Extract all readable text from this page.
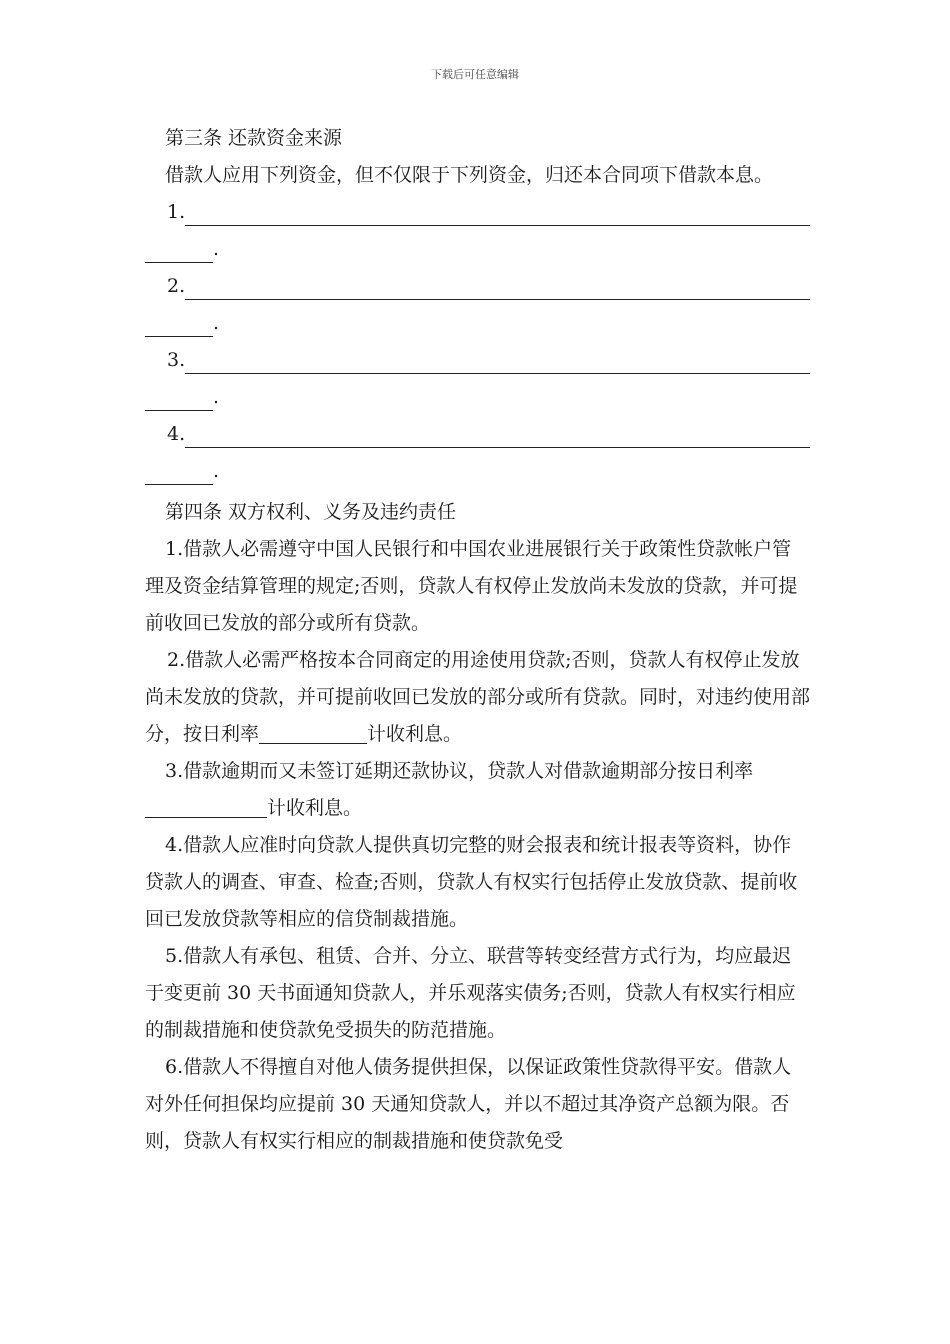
下载后可任意编辑

第三条 还款资金来源

借款人应用下列资金，但不仅限于下列资金，归还本合同项下借款本息。

1.
.
2.
.
3.
.
4.
.

第四条 双方权利、义务及违约责任

1.借款人必需遵守中国人民银行和中国农业进展银行关于政策性贷款帐户管理及资金结算管理的规定;否则，贷款人有权停止发放尚未发放的贷款，并可提前收回已发放的部分或所有贷款。

2.借款人必需严格按本合同商定的用途使用贷款;否则，贷款人有权停止发放尚未发放的贷款，并可提前收回已发放的部分或所有贷款。同时，对违约使用部分，按日利率	计收利息。

3.借款逾期而又未签订延期还款协议，贷款人对借款逾期部分按日利率计收利息。

4.借款人应准时向贷款人提供真切完整的财会报表和统计报表等资料，协作贷款人的调查、审查、检查;否则，贷款人有权实行包括停止发放贷款、提前收回已发放贷款等相应的信贷制裁措施。

5.借款人有承包、租赁、合并、分立、联营等转变经营方式行为，均应最迟于变更前 30 天书面通知贷款人，并乐观落实债务;否则，贷款人有权实行相应的制裁措施和使贷款免受损失的防范措施。

6.借款人不得擅自对他人债务提供担保，以保证政策性贷款得平安。借款人对外任何担保均应提前 30 天通知贷款人，并以不超过其净资产总额为限。否则，贷款人有权实行相应的制裁措施和使贷款免受
